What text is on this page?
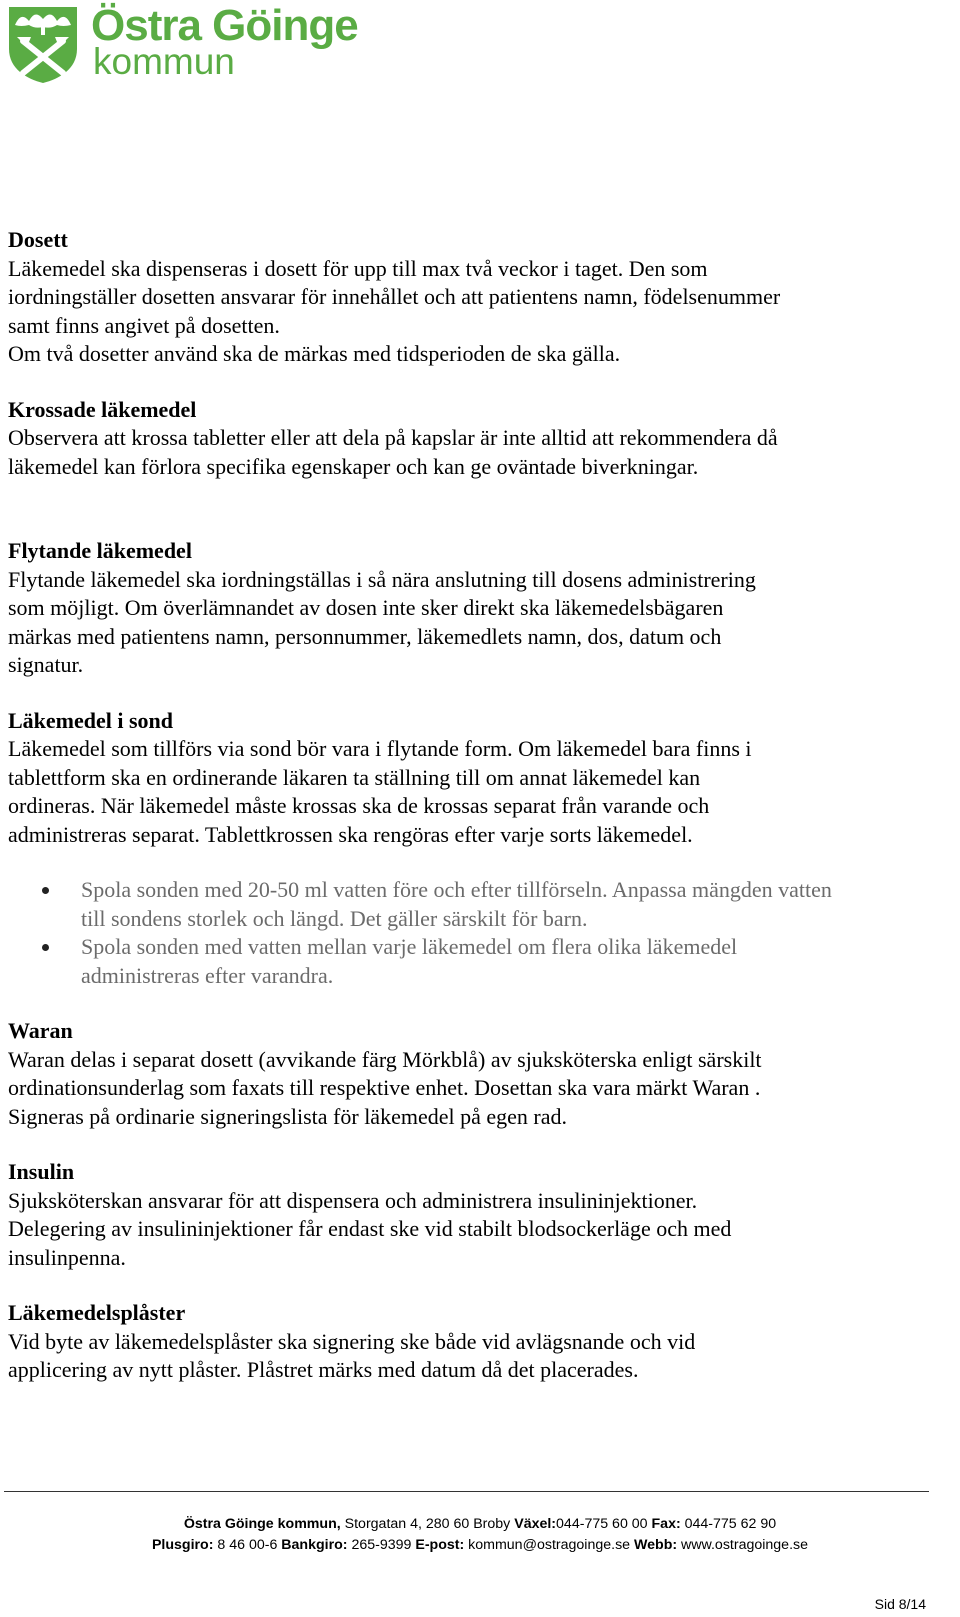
Östra Göinge
kommun
Dosett
Läkemedel ska dispenseras i dosett för upp till max två veckor i taget. Den som
iordningställer dosetten ansvarar för innehållet och att patientens namn, födelsenummer
samt finns angivet på dosetten.
Om två dosetter använd ska de märkas med tidsperioden de ska gälla.
Krossade läkemedel
Observera att krossa tabletter eller att dela på kapslar är inte alltid att rekommendera då
läkemedel kan förlora specifika egenskaper och kan ge oväntade biverkningar.
Flytande läkemedel
Flytande läkemedel ska iordningställas i så nära anslutning till dosens administrering
som möjligt. Om överlämnandet av dosen inte sker direkt ska läkemedelsbägaren
märkas med patientens namn, personnummer, läkemedlets namn, dos, datum och
signatur.
Läkemedel i sond
Läkemedel som tillförs via sond bör vara i flytande form. Om läkemedel bara finns i
tablettform ska en ordinerande läkaren ta ställning till om annat läkemedel kan
ordineras. När läkemedel måste krossas ska de krossas separat från varande och
administreras separat. Tablettkrossen ska rengöras efter varje sorts läkemedel.
Spola sonden med 20-50 ml vatten före och efter tillförseln. Anpassa mängden vatten
till sondens storlek och längd. Det gäller särskilt för barn.
Spola sonden med vatten mellan varje läkemedel om flera olika läkemedel
administreras efter varandra.
Waran
Waran delas i separat dosett (avvikande färg Mörkblå) av sjuksköterska enligt särskilt
ordinationsunderlag som faxats till respektive enhet. Dosettan ska vara märkt Waran .
Signeras på ordinarie signeringslista för läkemedel på egen rad.
Insulin
Sjuksköterskan ansvarar för att dispensera och administrera insulininjektioner.
Delegering av insulininjektioner får endast ske vid stabilt blodsockerläge och med
insulinpenna.
Läkemedelsplåster
Vid byte av läkemedelsplåster ska signering ske både vid avlägsnande och vid
applicering av nytt plåster. Plåstret märks med datum då det placerades.
Östra Göinge kommun, Storgatan 4, 280 60 Broby Växel:044-775 60 00 Fax: 044-775 62 90
Plusgiro: 8 46 00-6 Bankgiro: 265-9399 E-post: kommun@ostragoinge.se Webb: www.ostragoinge.se
Sid 8/14
